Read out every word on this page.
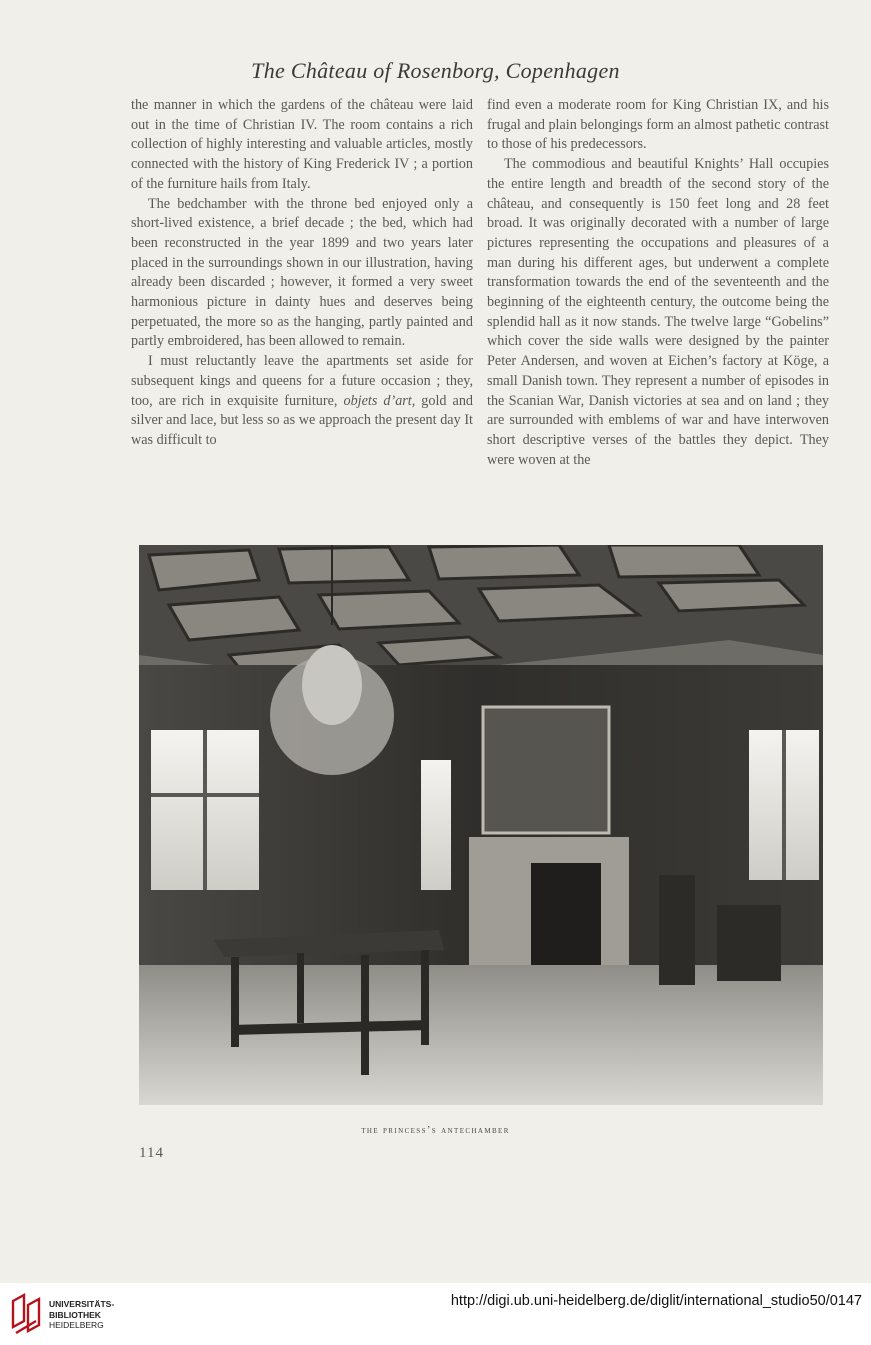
The Château of Rosenborg, Copenhagen

the manner in which the gardens of the château were laid out in the time of Christian IV. The room contains a rich collection of highly interesting and valuable articles, mostly connected with the history of King Frederick IV ; a portion of the furniture hails from Italy.

The bedchamber with the throne bed enjoyed only a short-lived existence, a brief decade ; the bed, which had been reconstructed in the year 1899 and two years later placed in the surroundings shown in our illustration, having already been discarded ; however, it formed a very sweet harmonious picture in dainty hues and deserves being perpetuated, the more so as the hanging, partly painted and partly embroidered, has been allowed to remain.

I must reluctantly leave the apartments set aside for subsequent kings and queens for a future occasion ; they, too, are rich in exquisite furniture, objets d’art, gold and silver and lace, but less so as we approach the present day It was difficult to

find even a moderate room for King Christian IX, and his frugal and plain belongings form an almost pathetic contrast to those of his predecessors.

The commodious and beautiful Knights’ Hall occupies the entire length and breadth of the second story of the château, and consequently is 150 feet long and 28 feet broad. It was originally decorated with a number of large pictures representing the occupations and pleasures of a man during his different ages, but underwent a complete transformation towards the end of the seventeenth and the beginning of the eighteenth century, the outcome being the splendid hall as it now stands. The twelve large “Gobelins” which cover the side walls were designed by the painter Peter Andersen, and woven at Eichen’s factory at Köge, a small Danish town. They represent a number of episodes in the Scanian War, Danish victories at sea and on land ; they are surrounded with emblems of war and have interwoven short descriptive verses of the battles they depict. They were woven at the

the princess’s antechamber
114
UNIVERSITÄTS-
BIBLIOTHEK
HEIDELBERG
http://digi.ub.uni-heidelberg.de/diglit/international_studio50/0147
